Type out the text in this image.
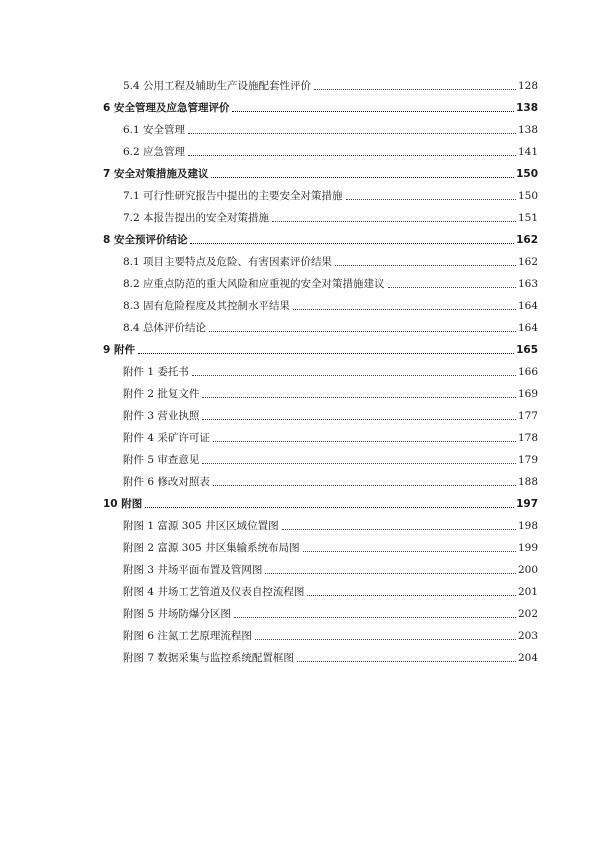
5.4 公用工程及辅助生产设施配套性评价	128
6 安全管理及应急管理评价	138
6.1 安全管理	138
6.2 应急管理	141
7 安全对策措施及建议	150
7.1 可行性研究报告中提出的主要安全对策措施	150
7.2 本报告提出的安全对策措施	151
8 安全预评价结论	162
8.1 项目主要特点及危险、有害因素评价结果	162
8.2 应重点防范的重大风险和应重视的安全对策措施建议	163
8.3 固有危险程度及其控制水平结果	164
8.4 总体评价结论	164
9 附件	165
附件 1 委托书	166
附件 2 批复文件	169
附件 3 营业执照	177
附件 4 采矿许可证	178
附件 5 审查意见	179
附件 6 修改对照表	188
10 附图	197
附图 1 富源 305 井区区域位置图	198
附图 2 富源 305 井区集输系统布局图	199
附图 3 井场平面布置及管网图	200
附图 4 井场工艺管道及仪表自控流程图	201
附图 5 井场防爆分区图	202
附图 6 注氮工艺原理流程图	203
附图 7 数据采集与监控系统配置框图	204
